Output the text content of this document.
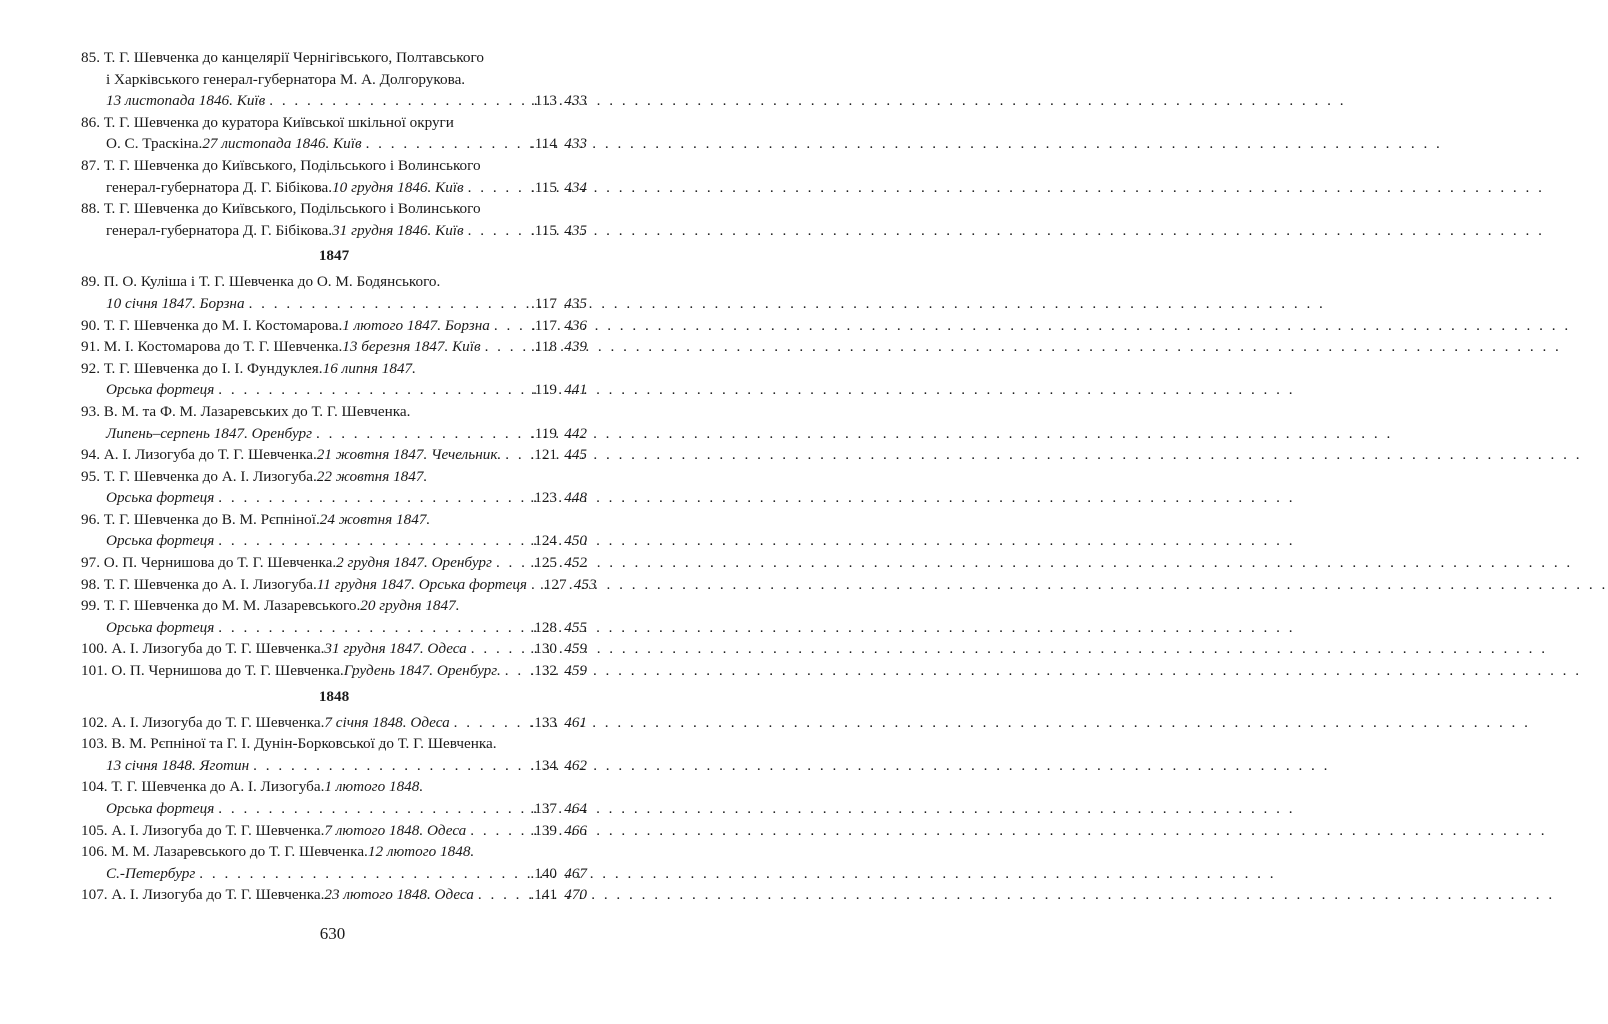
85. Т. Г. Шевченка до канцелярії Чернігівського, Полтавського
і Харківського генерал-губернатора М. А. Долгорукова.
13 листопада 1846. Київ . . .	.113 433
86. Т. Г. Шевченка до куратора Київської шкільної округи
О. С. Траскіна. 27 листопада 1846. Київ . . .	.114 433
87. Т. Г. Шевченка до Київського, Подільського і Волинського
генерал-губернатора Д. Г. Бібікова. 10 грудня 1846. Київ . . .	.115 434
88. Т. Г. Шевченка до Київського, Подільського і Волинського
генерал-губернатора Д. Г. Бібікова. 31 грудня 1846. Київ . . .	.115 435
1847
89. П. О. Куліша і Т. Г. Шевченка до О. М. Бодянського.
10 січня 1847. Борзна . . .	.117 435
90. Т. Г. Шевченка до М. І. Костомарова. 1 лютого 1847. Борзна . . .	.117 436
91. М. І. Костомарова до Т. Г. Шевченка. 13 березня 1847. Київ . . .	.118 439
92. Т. Г. Шевченка до І. І. Фундуклея. 16 липня 1847.
Орська фортеця . . .	.119 441
93. В. М. та Ф. М. Лазаревських до Т. Г. Шевченка.
Липень–серпень 1847. Оренбург . . .	.119 442
94. А. І. Лизогуба до Т. Г. Шевченка. 21 жовтня 1847. Чечельник. . . . .121 445
95. Т. Г. Шевченка до А. І. Лизогуба. 22 жовтня 1847.
Орська фортеця . . .	.123 448
96. Т. Г. Шевченка до В. М. Рєпніної. 24 жовтня 1847.
Орська фортеця . . .	.124 450
97. О. П. Чернишова до Т. Г. Шевченка. 2 грудня 1847. Оренбург . . .	.125 452
98. Т. Г. Шевченка до А. І. Лизогуба. 11 грудня 1847. Орська фортеця . . . .127 453
99. Т. Г. Шевченка до М. М. Лазаревського. 20 грудня 1847.
Орська фортеця . . .	.128 455
100. А. І. Лизогуба до Т. Г. Шевченка. 31 грудня 1847. Одеса . . .	.130 459
101. О. П. Чернишова до Т. Г. Шевченка. Грудень 1847. Оренбург. . . . .132 459
1848
102. А. І. Лизогуба до Т. Г. Шевченка. 7 січня 1848. Одеса . . .	.133 461
103. В. М. Рєпніної та Г. І. Дунін-Борковської до Т. Г. Шевченка.
13 січня 1848. Яготин . . .	.134 462
104. Т. Г. Шевченка до А. І. Лизогуба. 1 лютого 1848.
Орська фортеця . . .	.137 464
105. А. І. Лизогуба до Т. Г. Шевченка. 7 лютого 1848. Одеса . . .	.139 466
106. М. М. Лазаревського до Т. Г. Шевченка. 12 лютого 1848.
С.-Петербург . . .	.140 467
107. А. І. Лизогуба до Т. Г. Шевченка. 23 лютого 1848. Одеса . . .	.141 470
630
